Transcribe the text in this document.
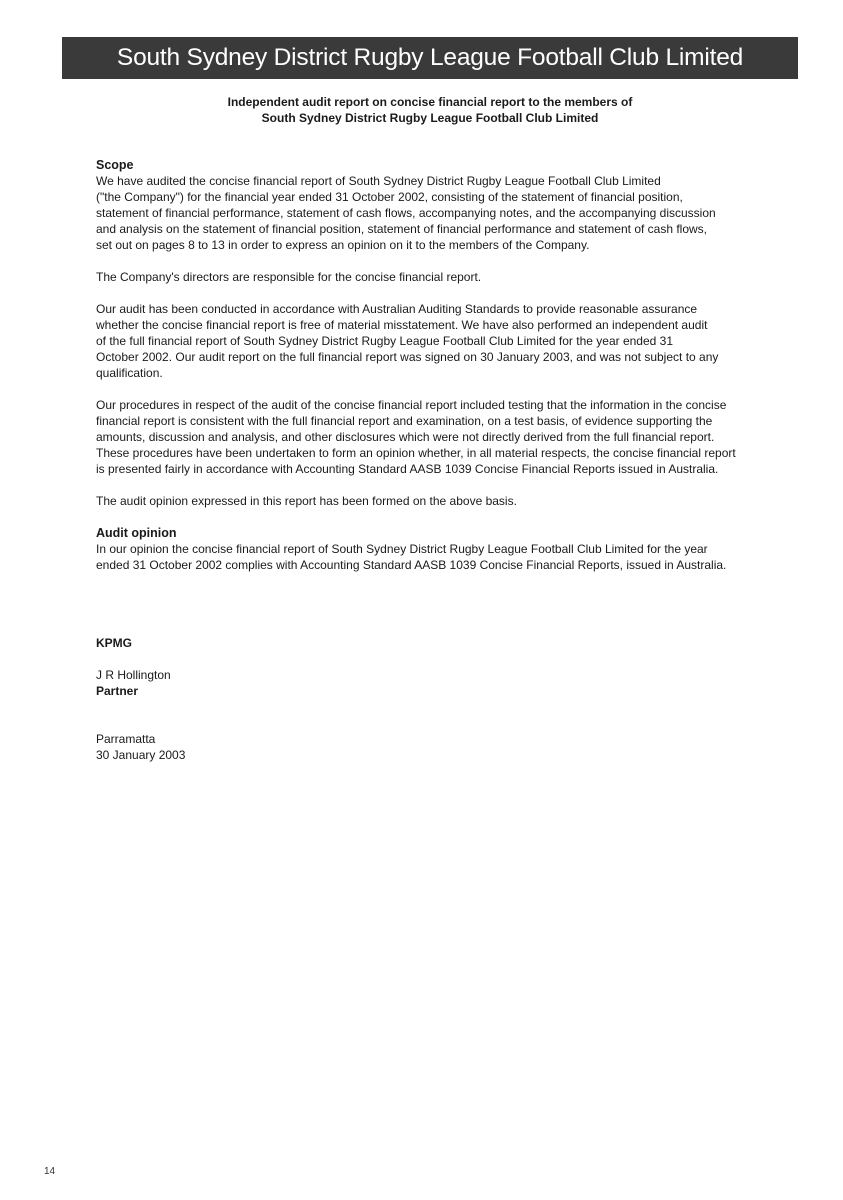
South Sydney District Rugby League Football Club Limited
Independent audit report on concise financial report to the members of
South Sydney District Rugby League Football Club Limited
Scope
We have audited the concise financial report of South Sydney District Rugby League Football Club Limited
("the Company") for the financial year ended 31 October 2002, consisting of the statement of financial position,
statement of financial performance, statement of cash flows, accompanying notes, and the accompanying discussion
and analysis on the statement of financial position, statement of financial performance and statement of cash flows,
set out on pages 8 to 13 in order to express an opinion on it to the members of the Company.
The Company's directors are responsible for the concise financial report.
Our audit has been conducted in accordance with Australian Auditing Standards to provide reasonable assurance
whether the concise financial report is free of material misstatement. We have also performed an independent audit
of the full financial report of South Sydney District Rugby League Football Club Limited for the year ended 31
October 2002. Our audit report on the full financial report was signed on 30 January 2003, and was not subject to any
qualification.
Our procedures in respect of the audit of the concise financial report included testing that the information in the concise
financial report is consistent with the full financial report and examination, on a test basis, of evidence supporting the
amounts, discussion and analysis, and other disclosures which were not directly derived from the full financial report.
These procedures have been undertaken to form an opinion whether, in all material respects, the concise financial report
is presented fairly in accordance with Accounting Standard AASB 1039 Concise Financial Reports issued in Australia.
The audit opinion expressed in this report has been formed on the above basis.
Audit opinion
In our opinion the concise financial report of South Sydney District Rugby League Football Club Limited for the year
ended 31 October 2002 complies with Accounting Standard AASB 1039 Concise Financial Reports, issued in Australia.
KPMG
J R Hollington
Partner
Parramatta
30 January 2003
14
